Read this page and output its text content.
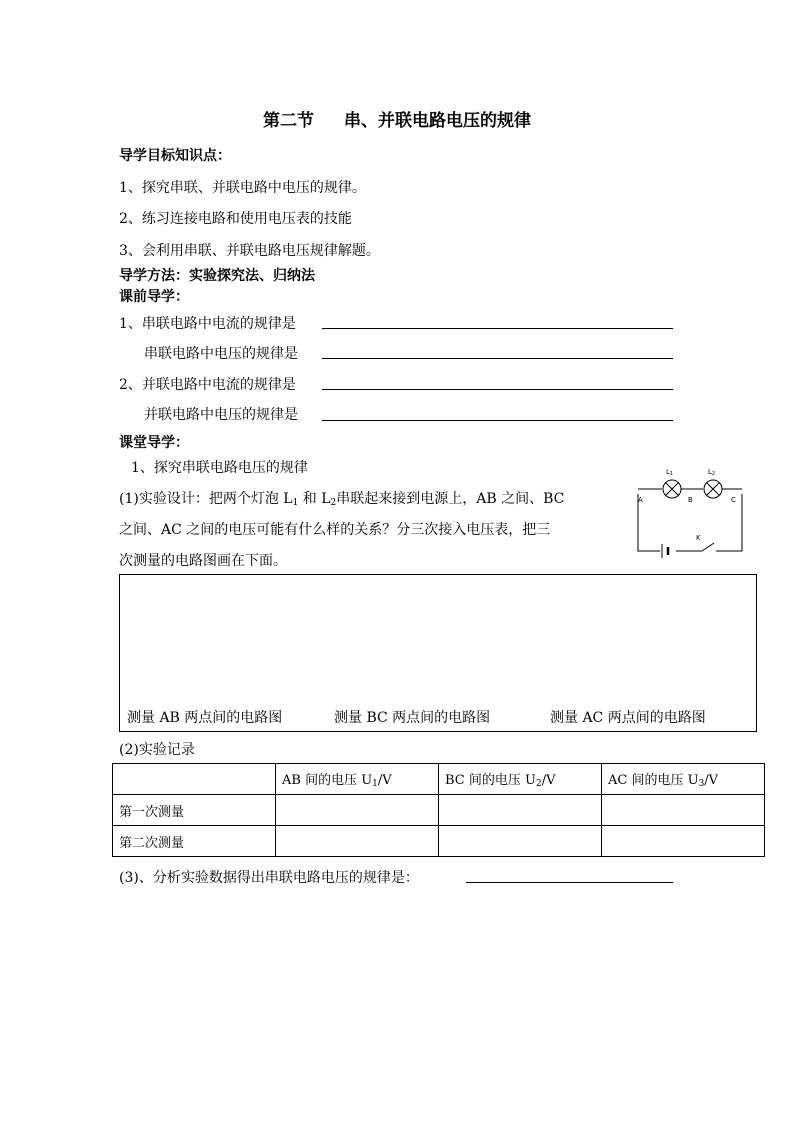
第二节 串、并联电路电压的规律
导学目标知识点：
1、探究串联、并联电路中电压的规律。
2、练习连接电路和使用电压表的技能
3、会利用串联、并联电路电压规律解题。
导学方法：实验探究法、归纳法
课前导学：
1、串联电路中电流的规律是
串联电路中电压的规律是
2、并联电路中电流的规律是
并联电路中电压的规律是
课堂导学：
1、探究串联电路电压的规律
(1)实验设计：把两个灯泡 $L_1$ 和 $L_2$串联起来接到电源上，AB 之间、BC
之间、AC 之间的电压可能有什么样的关系？分三次接入电压表，把三
次测量的电路图画在下面。
A	B	C
K
L1	L2
测量 AB 两点间的电路图	测量 BC 两点间的电路图	测量 AC 两点间的电路图
(2)实验记录
	AB 间的电压 $U_1/V$	BC 间的电压 $U_2/V$	AC 间的电压 $U_3/V$
第一次测量			
第二次测量			
(3)、分析实验数据得出串联电路电压的规律是：
